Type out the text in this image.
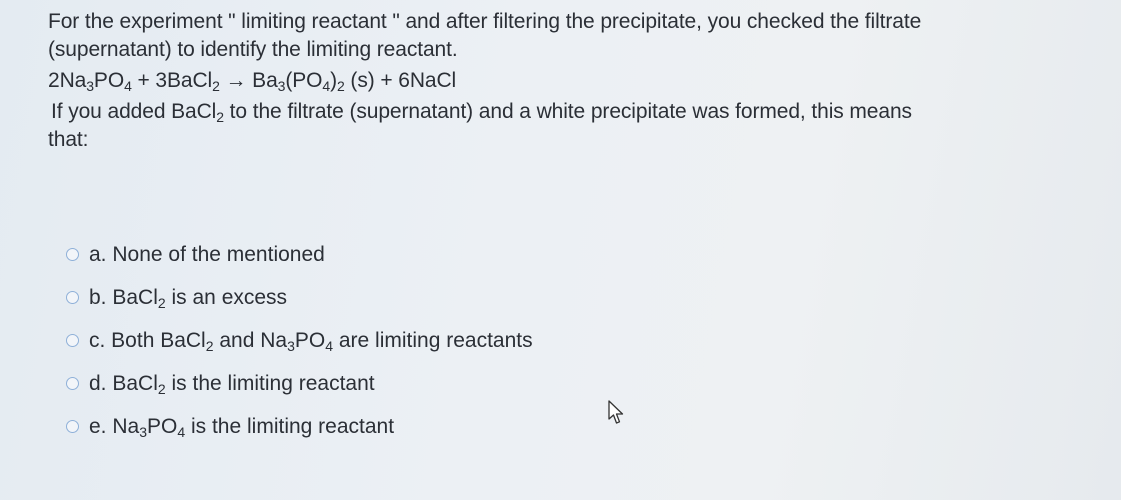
For the experiment " limiting reactant " and after filtering the precipitate, you checked the filtrate
(supernatant) to identify the limiting reactant.
$2Na_3PO_4$ + 3BaCl$_2$ → $Ba_3(PO_4)_2$ (s) + 6NaCl
If you added BaCl$_2$ to the filtrate (supernatant) and a white precipitate was formed, this means
that:
a. None of the mentioned
b. BaCl$_2$ is an excess
c. Both BaCl$_2$ and $Na_3PO_4$ are limiting reactants
d. BaCl$_2$ is the limiting reactant
e. $Na_3PO_4$ is the limiting reactant
